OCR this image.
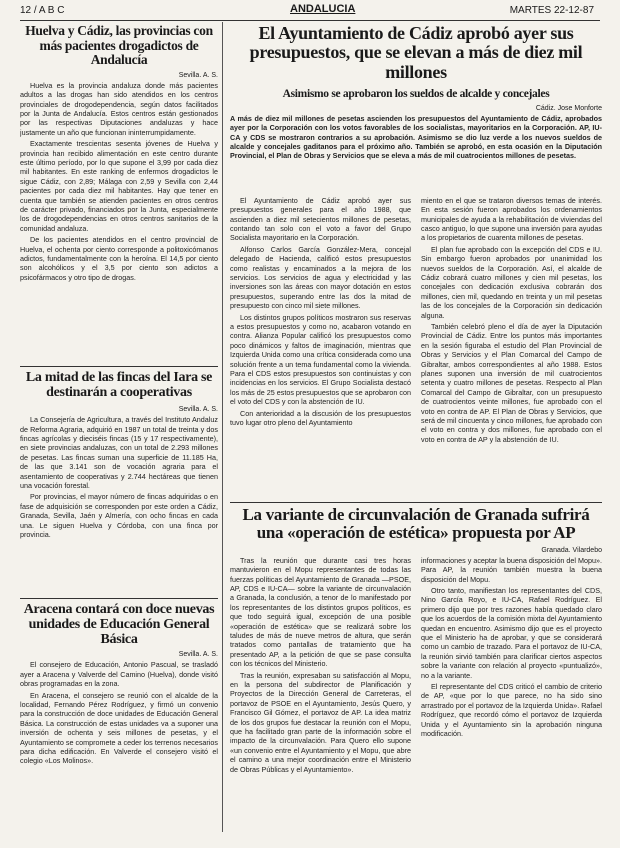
12 / A B C	ANDALUCIA	MARTES 22-12-87
Huelva y Cádiz, las provincias con más pacientes drogadictos de Andalucía
Sevilla. A. S.

Huelva es la provincia andaluza donde más pacientes adultos a las drogas han sido atendidos en los centros provinciales de drogodependencia, según datos facilitados por la Junta de Andalucía. Estos centros están gestionados por las respectivas Diputaciones andaluzas y hace justamente un año que funcionan ininterrumpidamente.

Exactamente trescientas sesenta jóvenes de Huelva y provincia han recibido alimentación en este centro durante este último período, por lo que supone el 3,99 por cada diez mil habitantes. En este ranking de enfermos drogadictos le sigue Cádiz, con 2,89; Málaga con 2,59 y Sevilla con 2,44 pacientes por cada diez mil habitantes. Hay que tener en cuenta que también se atienden pacientes en otros centros de carácter privado, financiados por la Junta, especialmente los de drogodependencias en otros centros sanitarios de la comunidad andaluza.

De los pacientes atendidos en el centro provincial de Huelva, el ochenta por ciento corresponde a politoxicómanos adictos, fundamentalmente con la heroína. El 14,5 por ciento son alcohólicos y el 3,5 por ciento son adictos a psicofármacos y otro tipo de drogas.

La mitad de las fincas del Iara se destinarán a cooperativas
Sevilla. A. S.

La Consejería de Agricultura, a través del Instituto Andaluz de Reforma Agraria, adquirió en 1987 un total de treinta y dos fincas agrícolas y dieciséis fincas (15 y 17 respectivamente), en siete provincias andaluzas, con un total de 2.293 millones de pesetas. Las fincas suman una superficie de 11.185 Ha, de las que 3.141 son de vocación agraria para el asentamiento de cooperativas y 2.744 hectáreas que tienen una vocación forestal.

Por provincias, el mayor número de fincas adquiridas o en fase de adquisición se corresponden por este orden a Cádiz, Granada, Sevilla, Jaén y Almería, con ocho fincas en cada una. Le siguen Huelva y Córdoba, con una finca por provincia.

Aracena contará con doce nuevas unidades de Educación General Básica
Sevilla. A. S.

El consejero de Educación, Antonio Pascual, se trasladó ayer a Aracena y Valverde del Camino (Huelva), donde visitó obras programadas en la zona.

En Aracena, el consejero se reunió con el alcalde de la localidad, Fernando Pérez Rodríguez, y firmó un convenio para la construcción de doce unidades de Educación General Básica. La construcción de estas unidades va a suponer una inversión de ochenta y seis millones de pesetas, y el Ayuntamiento se compromete a ceder los terrenos necesarios para dicha edificación. En Valverde el consejero visitó el colegio «Los Molinos».

El Ayuntamiento de Cádiz aprobó ayer sus presupuestos, que se elevan a más de diez mil millones
Asimismo se aprobaron los sueldos de alcalde y concejales
Cádiz. Jose Monforte
A más de diez mil millones de pesetas ascienden los presupuestos del Ayuntamiento de Cádiz, aprobados ayer por la Corporación con los votos favorables de los socialistas, mayoritarios en la Corporación. AP, IU-CA y CDS se mostraron contrarios a su aprobación. Asimismo se dio luz verde a los nuevos sueldos de alcalde y concejales gaditanos para el próximo año. También se aprobó, en esta ocasión en la Diputación Provincial, el Plan de Obras y Servicios que se eleva a más de mil cuatrocientos millones de pesetas.

El Ayuntamiento de Cádiz aprobó ayer sus presupuestos generales para el año 1988, que ascienden a diez mil setecientos millones de pesetas, contando tan solo con el voto a favor del Grupo Socialista mayoritario en la Corporación.

Alfonso Carlos García González-Mera, concejal delegado de Hacienda, calificó estos presupuestos como realistas y encaminados a la mejora de los servicios. Los servicios de agua y electricidad y las inversiones son las áreas con mayor dotación en estos presupuestos, superando entre las dos la mitad de presupuesto con cinco mil siete millones.

Los distintos grupos políticos mostraron sus reservas a estos presupuestos y como no, acabaron votando en contra. Alianza Popular calificó los presupuestos como poco dinámicos y faltos de imaginación, mientras que Izquierda Unida como una crítica considerada como una solución frente a un tema fundamental como la vivienda. Para el CDS estos presupuestos son continuistas y con incidencias en los servicios. El Grupo Socialista destacó los más de 25 estos presupuestos que se aprobaron con el voto del CDS y con la abstención de IU.

Con anterioridad a la discusión de los presupuestos tuvo lugar otro pleno del Ayuntamiento

miento en el que se trataron diversos temas de interés. En esta sesión fueron aprobados los ordenamientos municipales de ayuda a la rehabilitación de viviendas del casco antiguo, lo que supone una inversión para ayudas a los propietarios de cuarenta millones de pesetas.

El plan fue aprobado con la excepción del CDS e IU. Sin embargo fueron aprobados por unanimidad los nuevos sueldos de la Corporación. Así, el alcalde de Cádiz cobrará cuatro millones y cien mil pesetas, los concejales con dedicación exclusiva cobrarán dos millones, cien mil, quedando en treinta y un mil pesetas las de los concejales de la Corporación sin dedicación alguna.

También celebró pleno el día de ayer la Diputación Provincial de Cádiz. Entre los puntos más importantes en la sesión figuraba el estudio del Plan Provincial de Obras y Servicios y el Plan Comarcal del Campo de Gibraltar, ambos correspondientes al año 1988. Estos planes suponen una inversión de mil cuatrocientos setenta y cuatro millones de pesetas. Respecto al Plan Comarcal del Campo de Gibraltar, con un presupuesto de cuatrocientos veinte millones, fue aprobado con el voto en contra de AP. El Plan de Obras y Servicios, que será de mil cincuenta y cinco millones, fue aprobado con el voto en contra y dos millones, fue aprobado con el voto en contra de AP y la abstención de IU.

La variante de circunvalación de Granada sufrirá una «operación de estética» propuesta por AP
Granada. Vilardebo

Tras la reunión que durante casi tres horas mantuvieron en el Mopu representantes de todas las fuerzas políticas del Ayuntamiento de Granada —PSOE, AP, CDS e IU-CA— sobre la variante de circunvalación a Granada, la conclusión, a tenor de lo manifestado por los representantes de los distintos grupos políticos, es que todo seguirá igual, excepción de una posible «operación de estética» que se realizará sobre los taludes de más de nueve metros de altura, que serán tratados como pantallas de tratamiento que ha presentado AP, a la petición de que se pase consulta con los técnicos del Ministerio.

Tras la reunión, expresaban su satisfacción al Mopu, en la persona del subdirector de Planificación y Proyectos de la Dirección General de Carreteras, el portavoz de PSOE en el Ayuntamiento, Jesús Quero, y Francisco Gil Gómez, el portavoz de AP. La idea matriz de los dos grupos fue destacar la reunión con el Mopu, que ha facilitado gran parte de la información sobre el impacto de la circunvalación. Para Quero ello supone «un convenio entre el Ayuntamiento y el Mopu, que abre el camino a una mejor coordinación entre el Ministerio de Obras Públicas y el Ayuntamiento».

informaciones y aceptar la buena disposición del Mopu». Para AP, la reunión también muestra la buena disposición del Mopu.

Otro tanto, manifiestan los representantes del CDS, Nino García Royo, e IU-CA, Rafael Rodríguez. El primero dijo que por tres razones había quedado claro que los acuerdos de la comisión mixta del Ayuntamiento quedan en encuentro. Asimismo dijo que es el proyecto que el Ministerio ha de aprobar, y que se considerará como un cambio de trazado. Para el portavoz de IU-CA, la reunión sirvió también para clarificar ciertos aspectos sobre la variante con relación al proyecto «puntualizó», no a la variante.

El representante del CDS criticó el cambio de criterio de AP, «que por lo que parece, no ha sido sino arrastrado por el portavoz de la Izquierda Unida». Rafael Rodríguez, que recordó cómo el portavoz de Izquierda Unida y el Ayuntamiento sin la aprobación ninguna modificación.
